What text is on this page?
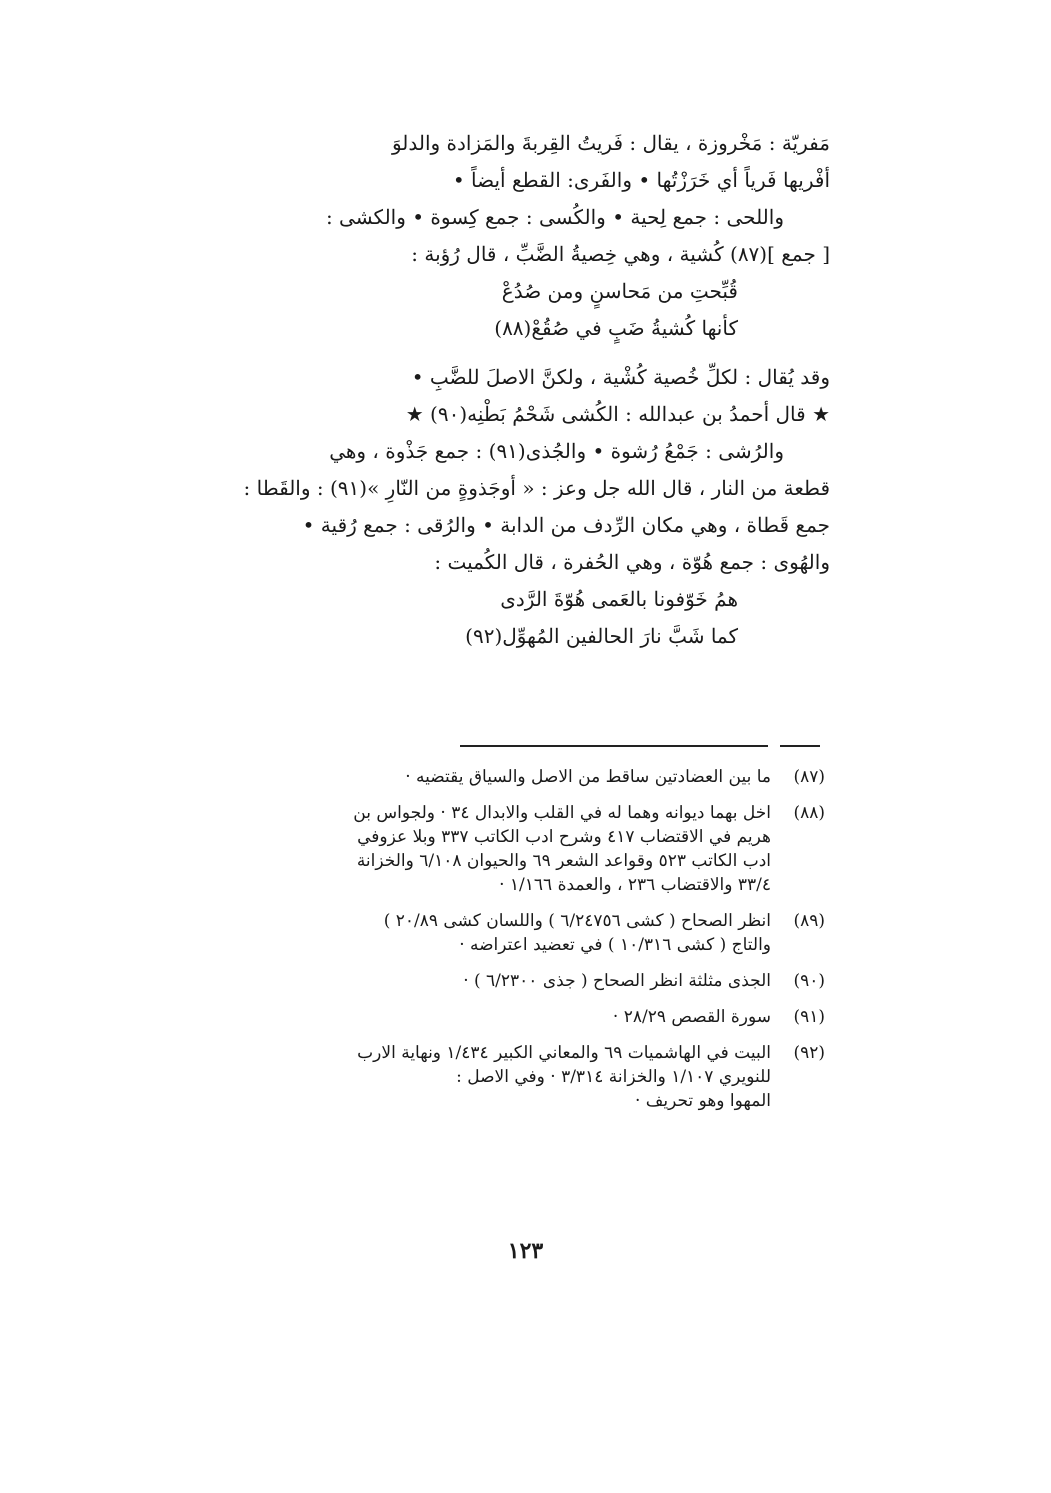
مَفريّة : مَخْروزة ، يقال : فَريتُ القِربةَ والمَزادة والدلوَ
أفْريها فَرياً أي خَرَزْتُها • والفَرى: القطع أيضاً •
واللحى : جمع لِحية • والكُسى : جمع كِسوة • والكشى :
[ جمع ](٨٧) كُشية ، وهي خِصيةُ الضَّبِّ ، قال رُؤبة :
قُبِّحتِ من مَحاسنٍ ومن صُدُعْ
كأنها كُشيةُ ضَبٍ في صُقُعْ(٨٨)
وقد يُقال : لكلِّ خُصية كُشْية ، ولكنَّ الاصلَ للضَّبِ •
★ قال أحمدُ بن عبدالله : الكُشى شَحْمُ بَطْنِه(٩٠) ★
والرُشى : جَمْعُ رُشوة • والجُذى(٩١) : جمع جَذْوة ، وهي
قطعة من النار ، قال الله جل وعز : « أوجَذوةٍ من النّارِ »(٩١) : والقَطا :
جمع قَطاة ، وهي مكان الرِّدف من الدابة • والرُقى : جمع رُقية •
والهُوى : جمع هُوّة ، وهي الحُفرة ، قال الكُميت :
همُ خَوّفونا بالعَمى هُوّةَ الرَّدى
كما شَبَّ نارَ الحالفين المُهوِّل(٩٢)
(٨٧)
ما بين العضادتين ساقط من الاصل والسياق يقتضيه ·
(٨٨)
اخل بهما ديوانه وهما له في القلب والابدال ٣٤ · ولجواس بن
هريم في الاقتضاب ٤١٧ وشرح ادب الكاتب ٣٣٧ وبلا عزوفي
ادب الكاتب ٥٢٣ وقواعد الشعر ٦٩ والحيوان ٦/١٠٨ والخزانة
٣٣/٤ والاقتضاب ٢٣٦ ، والعمدة ١/١٦٦ ·
(٨٩)
انظر الصحاح ( كشى ٦/٢٤٧٥٦ ) واللسان كشى ٢٠/٨٩ )
والتاج ( كشى ١٠/٣١٦ ) في تعضيد اعتراضه ·
(٩٠)
الجذى مثلثة انظر الصحاح ( جذى ٦/٢٣٠٠ ) ·
(٩١)
سورة القصص ٢٨/٢٩ ·
(٩٢)
البيت في الهاشميات ٦٩ والمعاني الكبير ١/٤٣٤ ونهاية الارب
للنويري ١/١٠٧ والخزانة ٣/٣١٤ · وفي الاصل :
المهوا وهو تحريف ·
١٢٣
